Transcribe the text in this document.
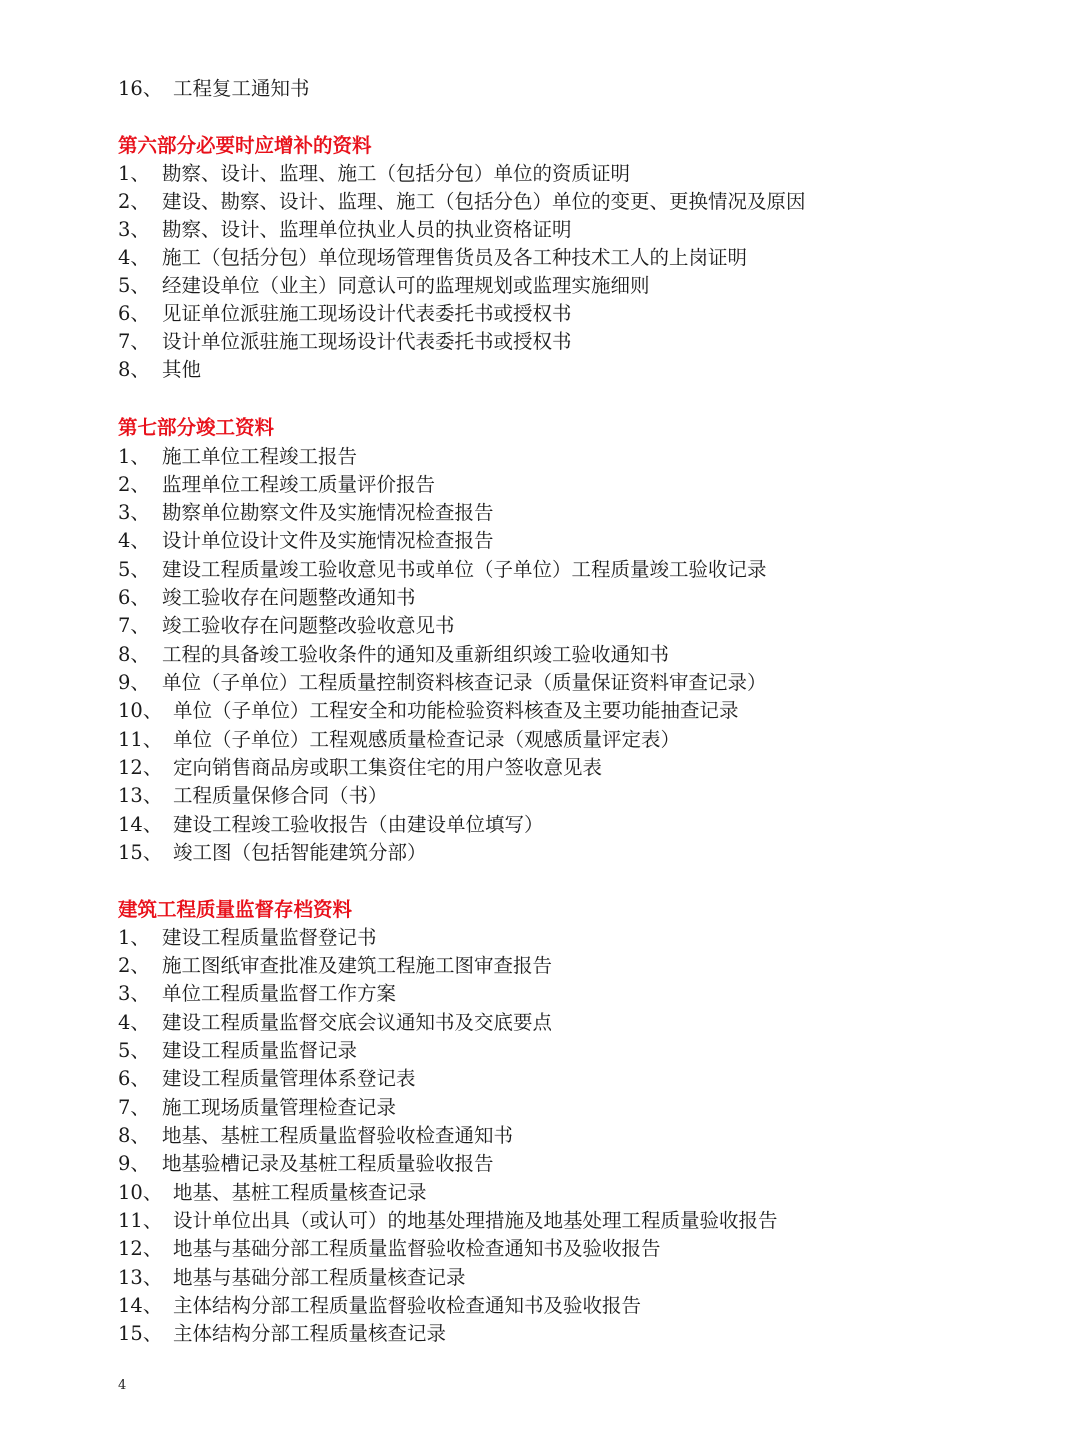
16、 工程复工通知书
第六部分必要时应增补的资料
1、 勘察、设计、监理、施工（包括分包）单位的资质证明
2、 建设、勘察、设计、监理、施工（包括分色）单位的变更、更换情况及原因
3、 勘察、设计、监理单位执业人员的执业资格证明
4、 施工（包括分包）单位现场管理售货员及各工种技术工人的上岗证明
5、 经建设单位（业主）同意认可的监理规划或监理实施细则
6、 见证单位派驻施工现场设计代表委托书或授权书
7、 设计单位派驻施工现场设计代表委托书或授权书
8、 其他
第七部分竣工资料
1、 施工单位工程竣工报告
2、 监理单位工程竣工质量评价报告
3、 勘察单位勘察文件及实施情况检查报告
4、 设计单位设计文件及实施情况检查报告
5、 建设工程质量竣工验收意见书或单位（子单位）工程质量竣工验收记录
6、 竣工验收存在问题整改通知书
7、 竣工验收存在问题整改验收意见书
8、 工程的具备竣工验收条件的通知及重新组织竣工验收通知书
9、 单位（子单位）工程质量控制资料核查记录（质量保证资料审查记录）
10、 单位（子单位）工程安全和功能检验资料核查及主要功能抽查记录
11、 单位（子单位）工程观感质量检查记录（观感质量评定表）
12、 定向销售商品房或职工集资住宅的用户签收意见表
13、 工程质量保修合同（书）
14、 建设工程竣工验收报告（由建设单位填写）
15、 竣工图（包括智能建筑分部）
建筑工程质量监督存档资料
1、 建设工程质量监督登记书
2、 施工图纸审查批准及建筑工程施工图审查报告
3、 单位工程质量监督工作方案
4、 建设工程质量监督交底会议通知书及交底要点
5、 建设工程质量监督记录
6、 建设工程质量管理体系登记表
7、 施工现场质量管理检查记录
8、 地基、基桩工程质量监督验收检查通知书
9、 地基验槽记录及基桩工程质量验收报告
10、 地基、基桩工程质量核查记录
11、 设计单位出具（或认可）的地基处理措施及地基处理工程质量验收报告
12、 地基与基础分部工程质量监督验收检查通知书及验收报告
13、 地基与基础分部工程质量核查记录
14、 主体结构分部工程质量监督验收检查通知书及验收报告
15、 主体结构分部工程质量核查记录
4
